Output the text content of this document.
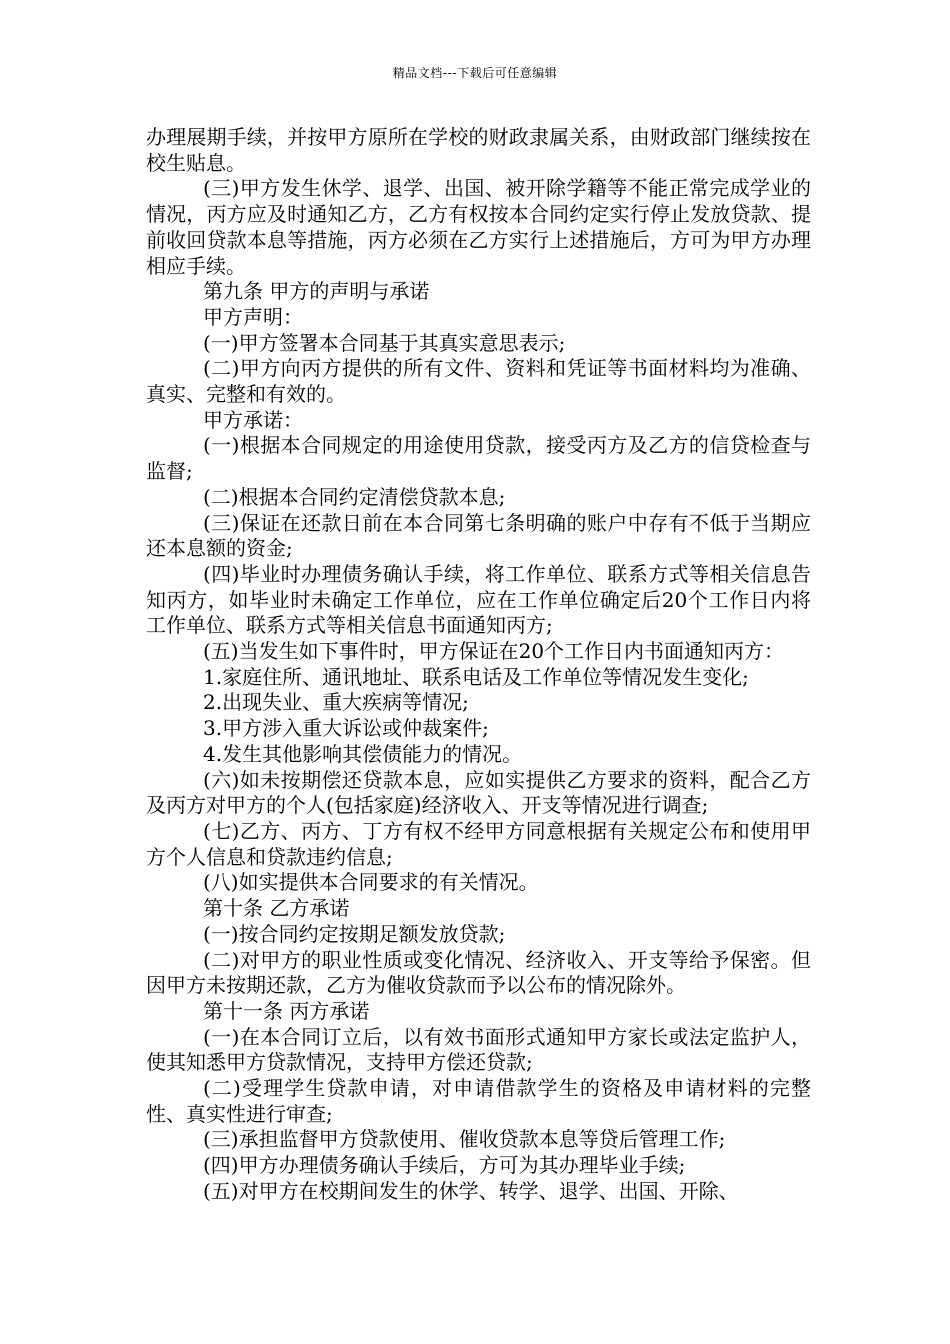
精品文档---下载后可任意编辑

办理展期手续，并按甲方原所在学校的财政隶属关系，由财政部门继续按在校生贴息。

(三)甲方发生休学、退学、出国、被开除学籍等不能正常完成学业的情况，丙方应及时通知乙方，乙方有权按本合同约定实行停止发放贷款、提前收回贷款本息等措施，丙方必须在乙方实行上述措施后，方可为甲方办理相应手续。

第九条 甲方的声明与承诺

甲方声明：

(一)甲方签署本合同基于其真实意思表示;

(二)甲方向丙方提供的所有文件、资料和凭证等书面材料均为准确、真实、完整和有效的。

甲方承诺：

(一)根据本合同规定的用途使用贷款，接受丙方及乙方的信贷检查与监督;

(二)根据本合同约定清偿贷款本息;

(三)保证在还款日前在本合同第七条明确的账户中存有不低于当期应还本息额的资金;

(四)毕业时办理债务确认手续，将工作单位、联系方式等相关信息告知丙方，如毕业时未确定工作单位，应在工作单位确定后20个工作日内将工作单位、联系方式等相关信息书面通知丙方;

(五)当发生如下事件时，甲方保证在20个工作日内书面通知丙方：

1.家庭住所、通讯地址、联系电话及工作单位等情况发生变化;

2.出现失业、重大疾病等情况;

3.甲方涉入重大诉讼或仲裁案件;

4.发生其他影响其偿债能力的情况。

(六)如未按期偿还贷款本息，应如实提供乙方要求的资料，配合乙方及丙方对甲方的个人(包括家庭)经济收入、开支等情况进行调查;

(七)乙方、丙方、丁方有权不经甲方同意根据有关规定公布和使用甲方个人信息和贷款违约信息;

(八)如实提供本合同要求的有关情况。

第十条 乙方承诺

(一)按合同约定按期足额发放贷款;

(二)对甲方的职业性质或变化情况、经济收入、开支等给予保密。但因甲方未按期还款，乙方为催收贷款而予以公布的情况除外。

第十一条 丙方承诺

(一)在本合同订立后，以有效书面形式通知甲方家长或法定监护人，使其知悉甲方贷款情况，支持甲方偿还贷款;

(二)受理学生贷款申请，对申请借款学生的资格及申请材料的完整性、真实性进行审查;

(三)承担监督甲方贷款使用、催收贷款本息等贷后管理工作;

(四)甲方办理债务确认手续后，方可为其办理毕业手续;

(五)对甲方在校期间发生的休学、转学、退学、出国、开除、
